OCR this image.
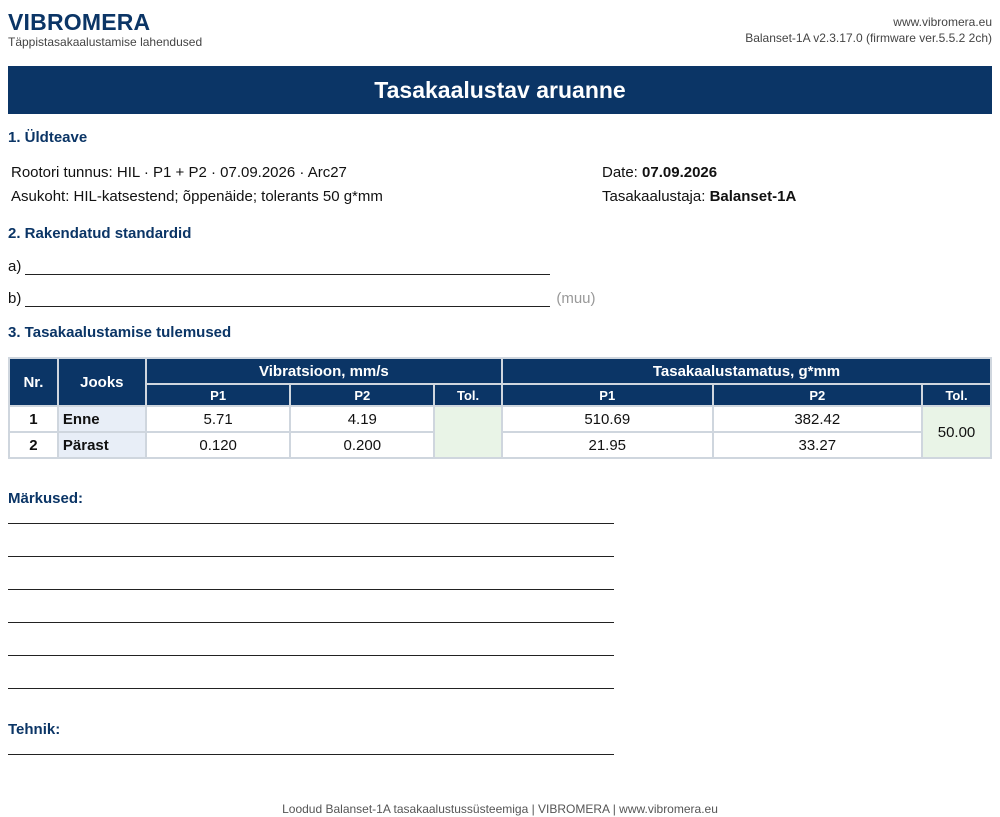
VIBROMERA
Täppistasakaalustamise lahendused
www.vibromera.eu
Balanset-1A v2.3.17.0 (firmware ver.5.5.2 2ch)
Tasakaalustav aruanne
1. Üldteave
Rootori tunnus: HIL · P1 + P2 · 07.09.2026 · Arc27
Asukoht: HIL-katsestend; õppenäide; tolerants 50 g*mm
Date: 07.09.2026
Tasakaalustaja: Balanset-1A
2. Rakendatud standardid
a)
b)	(muu)
3. Tasakaalustamise tulemused
Nr.	Jooks	Vibratsioon, mm/s			Tasakaalustamatus, g*mm		
		P1	P2	Tol.	P1	P2	Tol.
1	Enne	5.71	4.19		510.69	382.42	50.00
2	Pärast	0.120	0.200		21.95	33.27	
Märkused:
Tehnik:
Loodud Balanset-1A tasakaalustussüsteemiga | VIBROMERA | www.vibromera.eu
